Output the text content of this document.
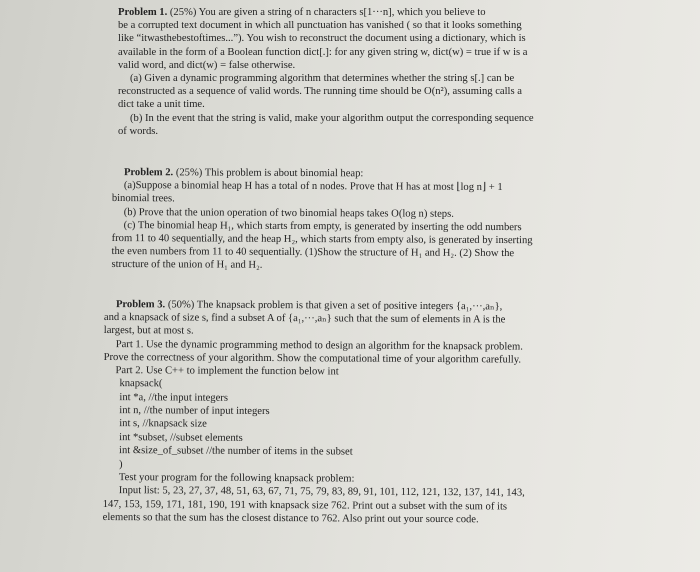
Problem 1. (25%) You are given a string of n characters s[1···n], which you believe to

be a corrupted text document in which all punctuation has vanished ( so that it looks something

like “itwasthebestoftimes...”). You wish to reconstruct the document using a dictionary, which is

available in the form of a Boolean function dict[.]: for any given string w, dict(w) = true if w is a

valid word, and dict(w) = false otherwise.

(a) Given a dynamic programming algorithm that determines whether the string s[.] can be

reconstructed as a sequence of valid words. The running time should be O(n²), assuming calls a

dict take a unit time.

(b) In the event that the string is valid, make your algorithm output the corresponding sequence

of words.

Problem 2. (25%) This problem is about binomial heap:

(a)Suppose a binomial heap H has a total of n nodes. Prove that H has at most ⌊log n⌋ + 1

binomial trees.

(b) Prove that the union operation of two binomial heaps takes O(log n) steps.

(c) The binomial heap H₁, which starts from empty, is generated by inserting the odd numbers

from 11 to 40 sequentially, and the heap H₂, which starts from empty also, is generated by inserting

the even numbers from 11 to 40 sequentially. (1)Show the structure of H₁ and H₂. (2) Show the

structure of the union of H₁ and H₂.

Problem 3. (50%) The knapsack problem is that given a set of positive integers {a₁,···,aₙ},

and a knapsack of size s, find a subset A of {a₁,···,aₙ} such that the sum of elements in A is the

largest, but at most s.

Part 1. Use the dynamic programming method to design an algorithm for the knapsack problem.

Prove the correctness of your algorithm. Show the computational time of your algorithm carefully.

Part 2. Use C++ to implement the function below int

knapsack(

int *a, //the input integers

int n, //the number of input integers

int s, //knapsack size

int *subset, //subset elements

int &size_of_subset //the number of items in the subset

)

Test your program for the following knapsack problem:

Input list: 5, 23, 27, 37, 48, 51, 63, 67, 71, 75, 79, 83, 89, 91, 101, 112, 121, 132, 137, 141, 143,

147, 153, 159, 171, 181, 190, 191 with knapsack size 762. Print out a subset with the sum of its

elements so that the sum has the closest distance to 762. Also print out your source code.
